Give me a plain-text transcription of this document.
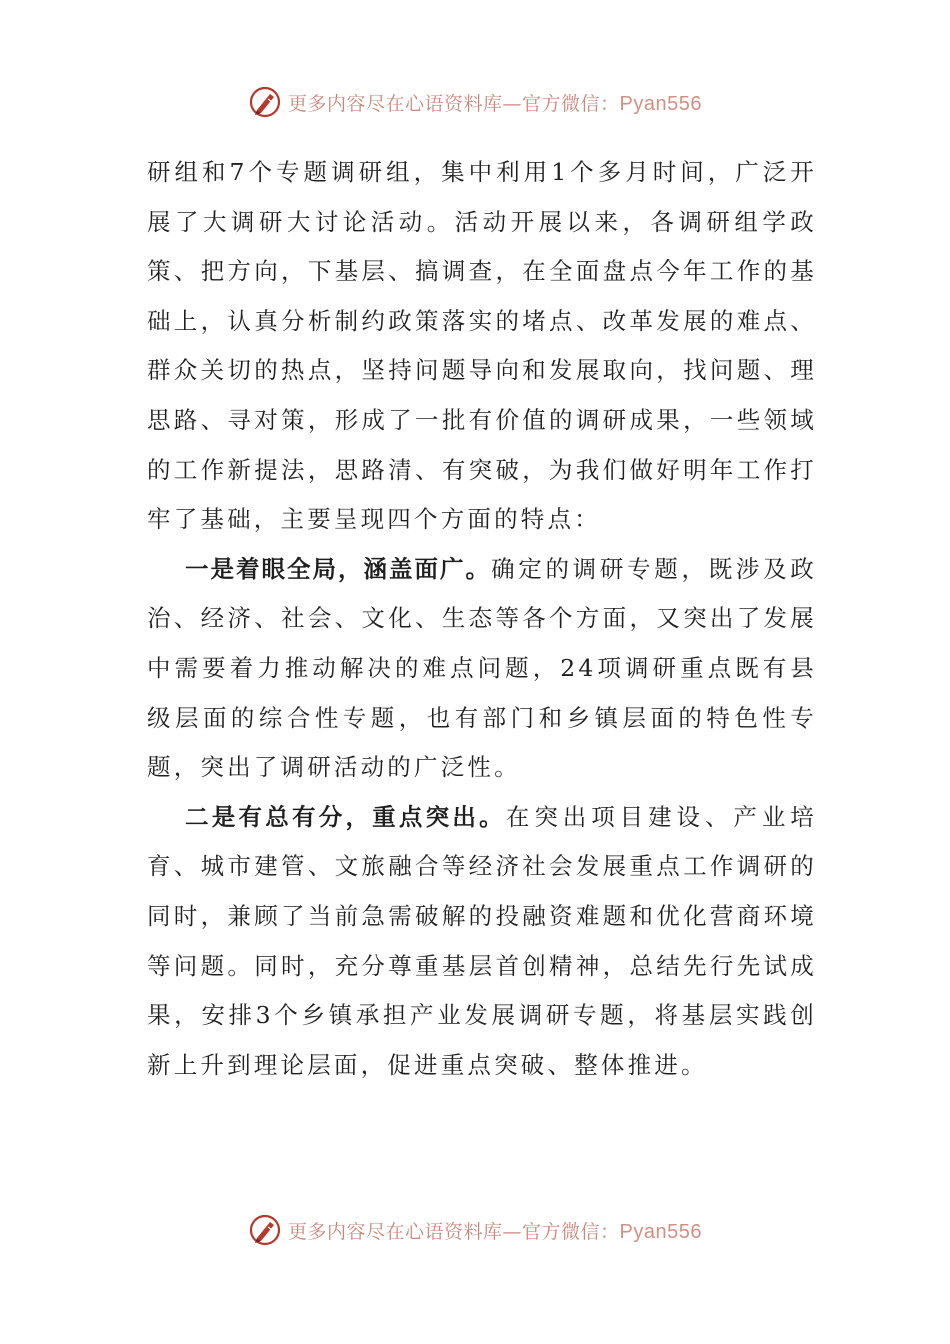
更多内容尽在心语资料库—官方微信：Pyan556

研组和7个专题调研组，集中利用1个多月时间，广泛开展了大调研大讨论活动。活动开展以来，各调研组学政策、把方向，下基层、搞调查，在全面盘点今年工作的基础上，认真分析制约政策落实的堵点、改革发展的难点、群众关切的热点，坚持问题导向和发展取向，找问题、理思路、寻对策，形成了一批有价值的调研成果，一些领域的工作新提法，思路清、有突破，为我们做好明年工作打牢了基础，主要呈现四个方面的特点：

一是着眼全局，涵盖面广。确定的调研专题，既涉及政治、经济、社会、文化、生态等各个方面，又突出了发展中需要着力推动解决的难点问题，24项调研重点既有县级层面的综合性专题，也有部门和乡镇层面的特色性专题，突出了调研活动的广泛性。

二是有总有分，重点突出。在突出项目建设、产业培育、城市建管、文旅融合等经济社会发展重点工作调研的同时，兼顾了当前急需破解的投融资难题和优化营商环境等问题。同时，充分尊重基层首创精神，总结先行先试成果，安排3个乡镇承担产业发展调研专题，将基层实践创新上升到理论层面，促进重点突破、整体推进。

更多内容尽在心语资料库—官方微信：Pyan556
